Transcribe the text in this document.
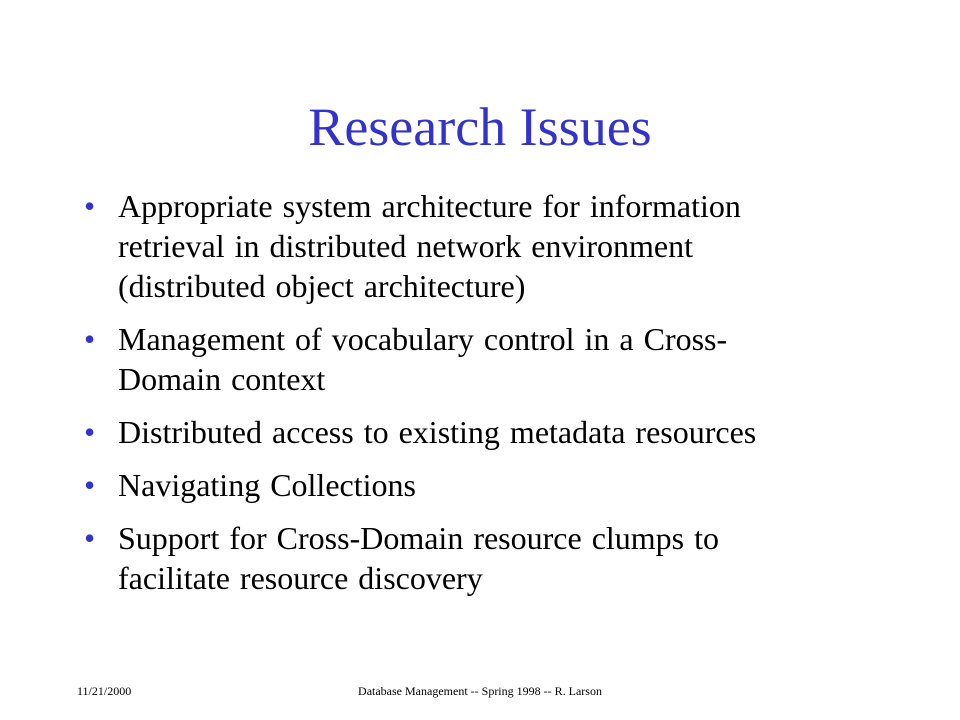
Research Issues
• Appropriate system architecture for information
retrieval in distributed network environment
(distributed object architecture)
• Management of vocabulary control in a Cross-
Domain context
• Distributed access to existing metadata resources
• Navigating Collections
• Support for Cross-Domain resource clumps to
facilitate resource discovery
Database Management -- Spring 1998 -- R. Larson
11/21/2000
